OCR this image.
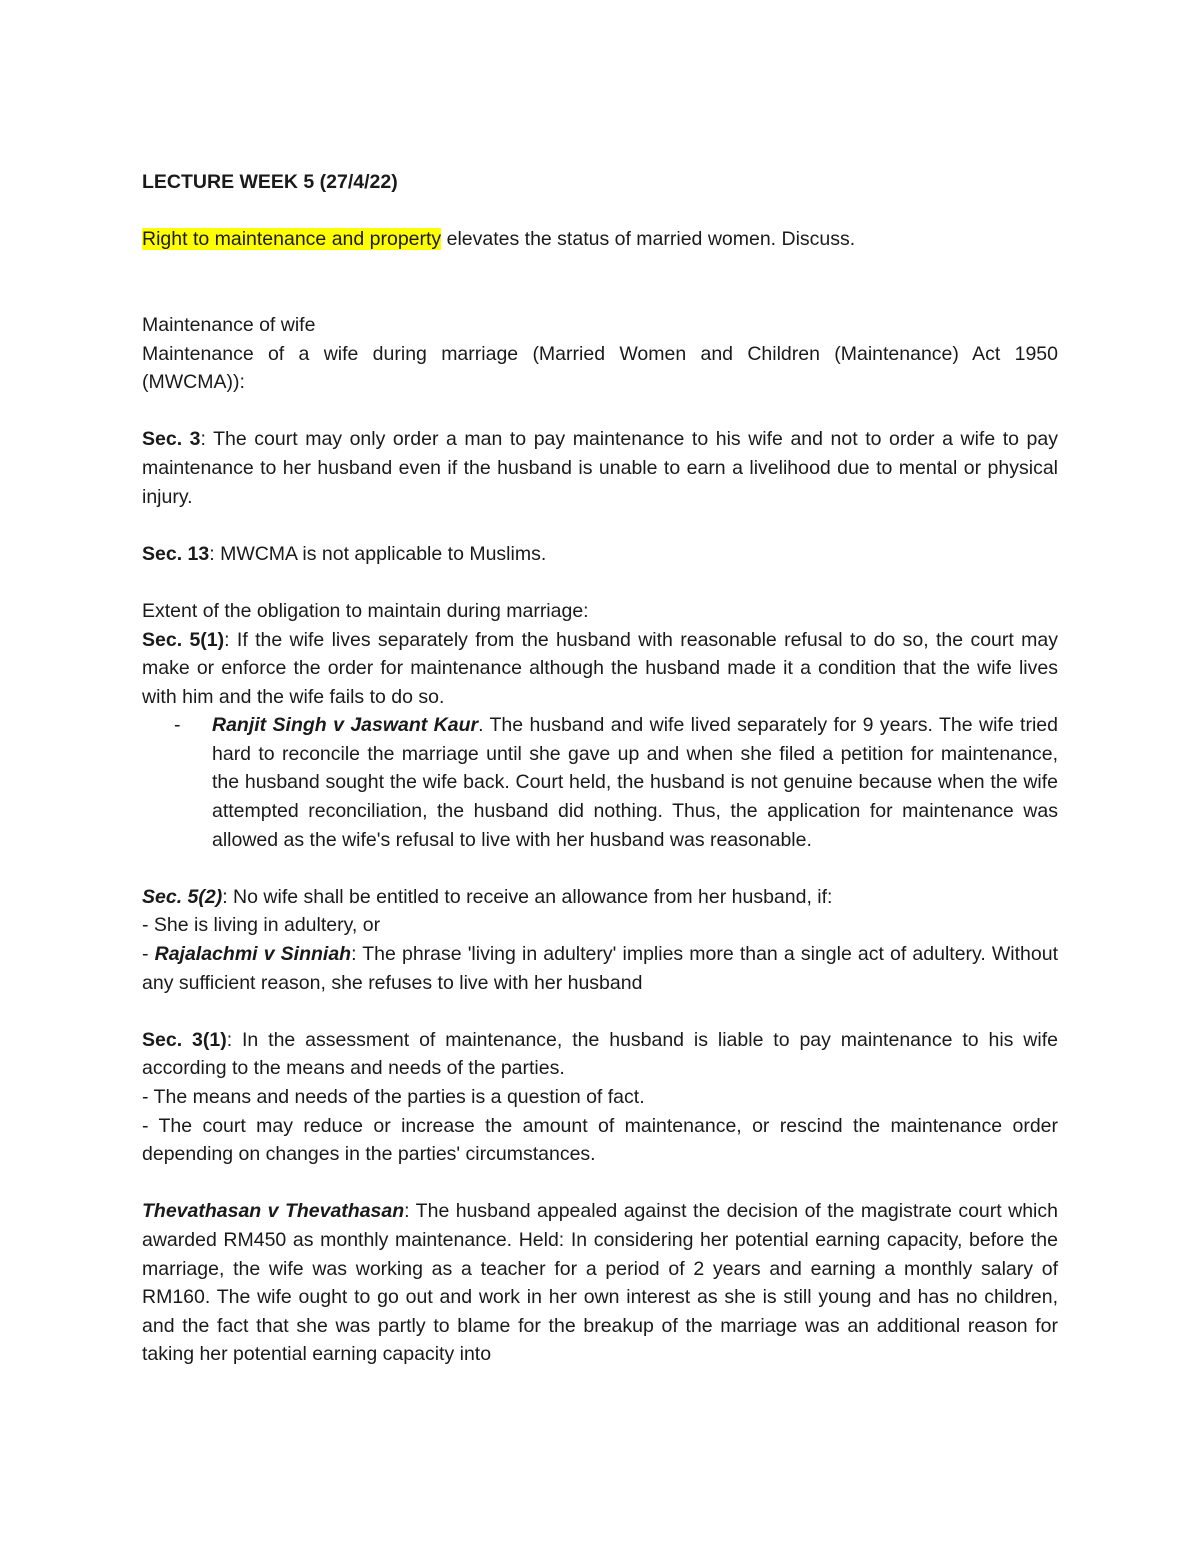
LECTURE WEEK 5 (27/4/22)

Right to maintenance and property elevates the status of married women. Discuss.

Maintenance of wife

Maintenance of a wife during marriage (Married Women and Children (Maintenance) Act 1950 (MWCMA)):

Sec. 3: The court may only order a man to pay maintenance to his wife and not to order a wife to pay maintenance to her husband even if the husband is unable to earn a livelihood due to mental or physical injury.

Sec. 13: MWCMA is not applicable to Muslims.

Extent of the obligation to maintain during marriage:

Sec. 5(1): If the wife lives separately from the husband with reasonable refusal to do so, the court may make or enforce the order for maintenance although the husband made it a condition that the wife lives with him and the wife fails to do so.

- Ranjit Singh v Jaswant Kaur. The husband and wife lived separately for 9 years. The wife tried hard to reconcile the marriage until she gave up and when she filed a petition for maintenance, the husband sought the wife back. Court held, the husband is not genuine because when the wife attempted reconciliation, the husband did nothing. Thus, the application for maintenance was allowed as the wife's refusal to live with her husband was reasonable.

Sec. 5(2): No wife shall be entitled to receive an allowance from her husband, if:

- She is living in adultery, or

- Rajalachmi v Sinniah: The phrase 'living in adultery' implies more than a single act of adultery. Without any sufficient reason, she refuses to live with her husband

Sec. 3(1): In the assessment of maintenance, the husband is liable to pay maintenance to his wife according to the means and needs of the parties.

- The means and needs of the parties is a question of fact.

- The court may reduce or increase the amount of maintenance, or rescind the maintenance order depending on changes in the parties' circumstances.

Thevathasan v Thevathasan: The husband appealed against the decision of the magistrate court which awarded RM450 as monthly maintenance. Held: In considering her potential earning capacity, before the marriage, the wife was working as a teacher for a period of 2 years and earning a monthly salary of RM160. The wife ought to go out and work in her own interest as she is still young and has no children, and the fact that she was partly to blame for the breakup of the marriage was an additional reason for taking her potential earning capacity into
